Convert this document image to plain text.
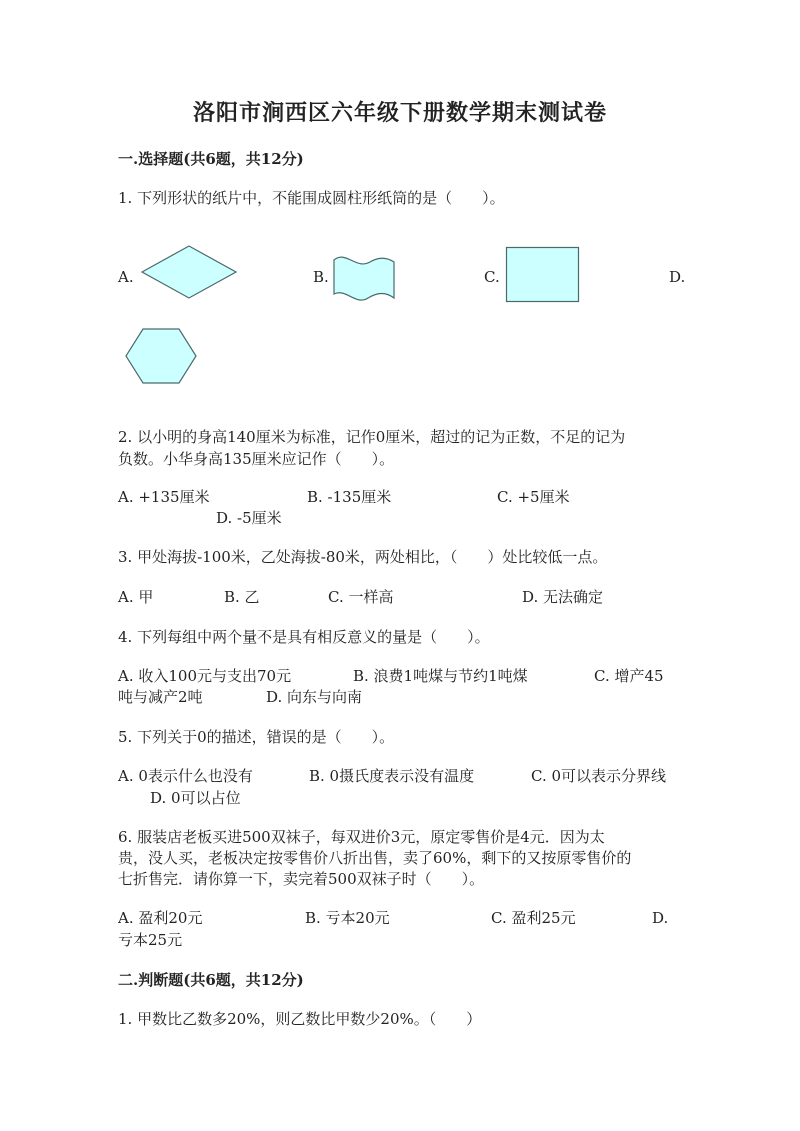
洛阳市涧西区六年级下册数学期末测试卷
一.选择题(共6题，共12分)
1. 下列形状的纸片中，不能围成圆柱形纸筒的是（　　）。
A.	B.	C.	D.
2. 以小明的身高140厘米为标准，记作0厘米，超过的记为正数，不足的记为
负数。小华身高135厘米应记作（　　）。
A. +135厘米	B. -135厘米	C. +5厘米
D. -5厘米
3. 甲处海拔-100米，乙处海拔-80米，两处相比，（　　）处比较低一点。
A. 甲	B. 乙	C. 一样高	D. 无法确定
4. 下列每组中两个量不是具有相反意义的量是（　　）。
A. 收入100元与支出70元	B. 浪费1吨煤与节约1吨煤	C. 增产45
吨与减产2吨	D. 向东与向南
5. 下列关于0的描述，错误的是（　　）。
A. 0表示什么也没有	B. 0摄氏度表示没有温度	C. 0可以表示分界线
D. 0可以占位
6. 服装店老板买进500双袜子，每双进价3元，原定零售价是4元．因为太
贵，没人买，老板决定按零售价八折出售，卖了60%，剩下的又按原零售价的
七折售完．请你算一下，卖完着500双袜子时（　　）。
A. 盈利20元	B. 亏本20元	C. 盈利25元	D.
亏本25元
二.判断题(共6题，共12分)
1. 甲数比乙数多20%，则乙数比甲数少20%。（　　）
